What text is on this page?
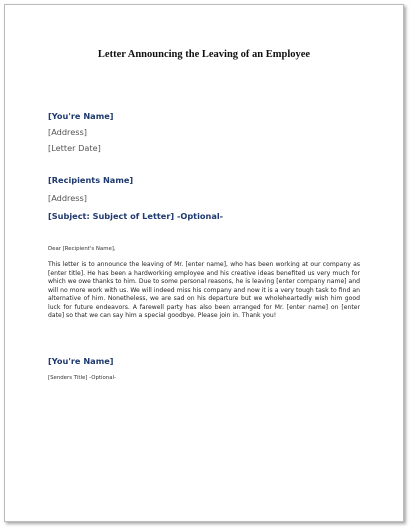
Letter Announcing the Leaving of an Employee
[You're Name]
[Address]
[Letter Date]
[Recipients Name]
[Address]
[Subject: Subject of Letter] -Optional-
Dear [Recipient's Name],
This letter is to announce the leaving of Mr. [enter name], who has been working at our company as [enter title]. He has been a hardworking employee and his creative ideas benefited us very much for which we owe thanks to him. Due to some personal reasons, he is leaving [enter company name] and will no more work with us. We will indeed miss his company and now it is a very tough task to find an alternative of him. Nonetheless, we are sad on his departure but we wholeheartedly wish him good luck for future endeavors. A farewell party has also been arranged for Mr. [enter name] on [enter date] so that we can say him a special goodbye. Please join in. Thank you!
[You're Name]
[Senders Title] -Optional-
